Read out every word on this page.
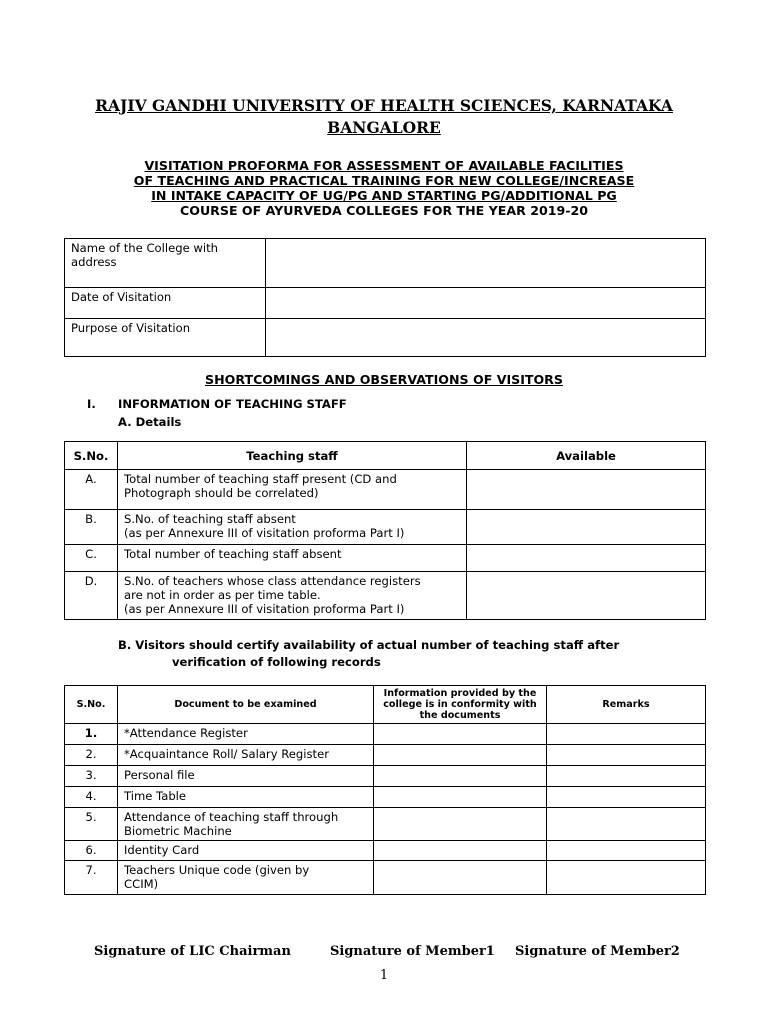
RAJIV GANDHI UNIVERSITY OF HEALTH SCIENCES, KARNATAKA
BANGALORE
VISITATION PROFORMA FOR ASSESSMENT OF AVAILABLE FACILITIES
OF TEACHING AND PRACTICAL TRAINING FOR NEW COLLEGE/INCREASE
IN INTAKE CAPACITY OF UG/PG AND STARTING PG/ADDITIONAL PG
COURSE OF AYURVEDA COLLEGES FOR THE YEAR 2019-20
Name of the College with
address	

Date of Visitation	
Purpose of Visitation	
SHORTCOMINGS AND OBSERVATIONS OF VISITORS
I. INFORMATION OF TEACHING STAFF
A. Details
S.No.	Teaching staff	Available
A.	Total number of teaching staff present (CD and
Photograph should be correlated)	

B.	S.No. of teaching staff absent
(as per Annexure III of visitation proforma Part I)	

C.	Total number of teaching staff absent	
D.	S.No. of teachers whose class attendance registers
are not in order as per time table.
(as per Annexure III of visitation proforma Part I)	

B. Visitors should certify availability of actual number of teaching staff after
verification of following records
S.No.	Document to be examined	Information provided by the
college is in conformity with
the documents	Remarks
1.	*Attendance Register		
2.	*Acquaintance Roll/ Salary Register		
3.	Personal file		
4.	Time Table		
5.	Attendance of teaching staff through
Biometric Machine		

6.	Identity Card		
7.	Teachers Unique code (given by
CCIM)		

Signature of LIC Chairman	Signature of Member1 Signature of Member2
1
